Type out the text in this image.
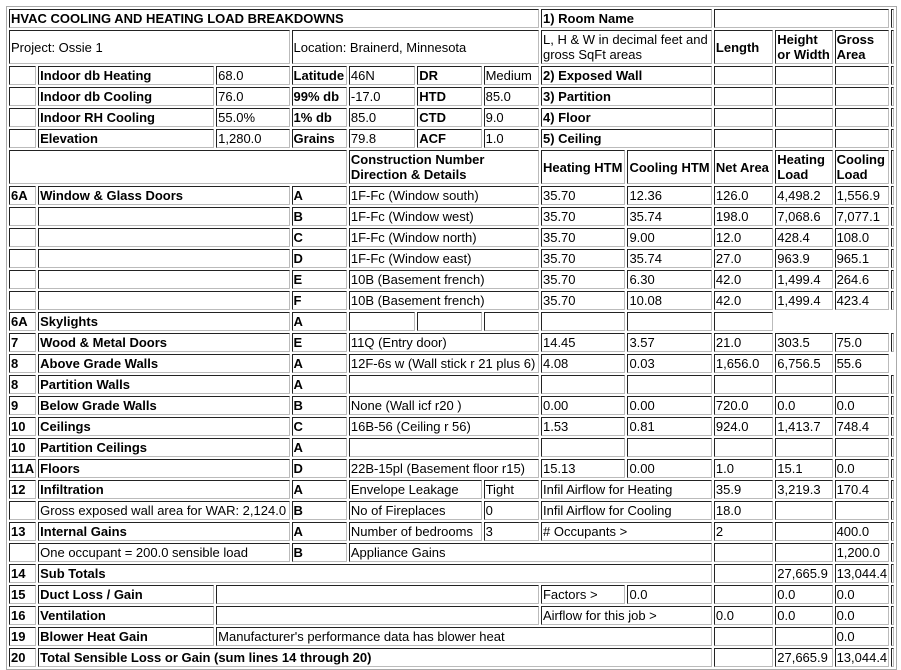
HVAC COOLING AND HEATING LOAD BREAKDOWNS							1) Room Name					
Project: Ossie 1			Location: Brainerd, Minnesota				L, H & W in decimal feet and gross SqFt areas		Length	Height or Width	Gross Area	
	Indoor db Heating	68.0	Latitude	46N	DR	Medium	2) Exposed Wall					
	Indoor db Cooling	76.0	99% db	-17.0	HTD	85.0	3) Partition					
	Indoor RH Cooling	55.0%	1% db	85.0	CTD	9.0	4) Floor					
	Elevation	1,280.0	Grains	79.8	ACF	1.0	5) Ceiling					
				Construction Number Direction & Details			Heating HTM	Cooling HTM	Net Area	Heating Load	Cooling Load	
6A	Window & Glass Doors		A	1F-Fc (Window south)			35.70	12.36	126.0	4,498.2	1,556.9	
			B	1F-Fc (Window west)			35.70	35.74	198.0	7,068.6	7,077.1	
			C	1F-Fc (Window north)			35.70	9.00	12.0	428.4	108.0	
			D	1F-Fc (Window east)			35.70	35.74	27.0	963.9	965.1	
			E	10B (Basement french)			35.70	6.30	42.0	1,499.4	264.6	
			F	10B (Basement french)			35.70	10.08	42.0	1,499.4	423.4	
6A	Skylights		A									
7	Wood & Metal Doors		E	11Q (Entry door)			14.45	3.57	21.0	303.5	75.0	
8	Above Grade Walls		A	12F-6s w (Wall stick r 21 plus 6)			4.08	0.03	1,656.0	6,756.5	55.6	
8	Partition Walls		A									
9	Below Grade Walls		B	None (Wall icf r20 )			0.00	0.00	720.0	0.0	0.0	
10	Ceilings		C	16B-56 (Ceiling r 56)			1.53	0.81	924.0	1,413.7	748.4	
10	Partition Ceilings		A									
11A	Floors		D	22B-15pl (Basement floor r15)			15.13	0.00	1.0	15.1	0.0	
12	Infiltration		A	Envelope Leakage		Tight	Infil Airflow for Heating		35.9	3,219.3	170.4	
	Gross exposed wall area for WAR: 2,124.0		B	No of Fireplaces		0	Infil Airflow for Cooling		18.0			
13	Internal Gains		A	Number of bedrooms		3	# Occupants >		2		400.0	
	One occupant = 200.0 sensible load		B	Appliance Gains							1,200.0	
14	Sub Totals									27,665.9	13,044.4	
15	Duct Loss / Gain						Factors >	0.0		0.0	0.0	
16	Ventilation						Airflow for this job >		0.0	0.0	0.0	
19	Blower Heat Gain	Manufacturer's performance data has blower heat									0.0	
20	Total Sensible Loss or Gain (sum lines 14 through 20)									27,665.9	13,044.4	
